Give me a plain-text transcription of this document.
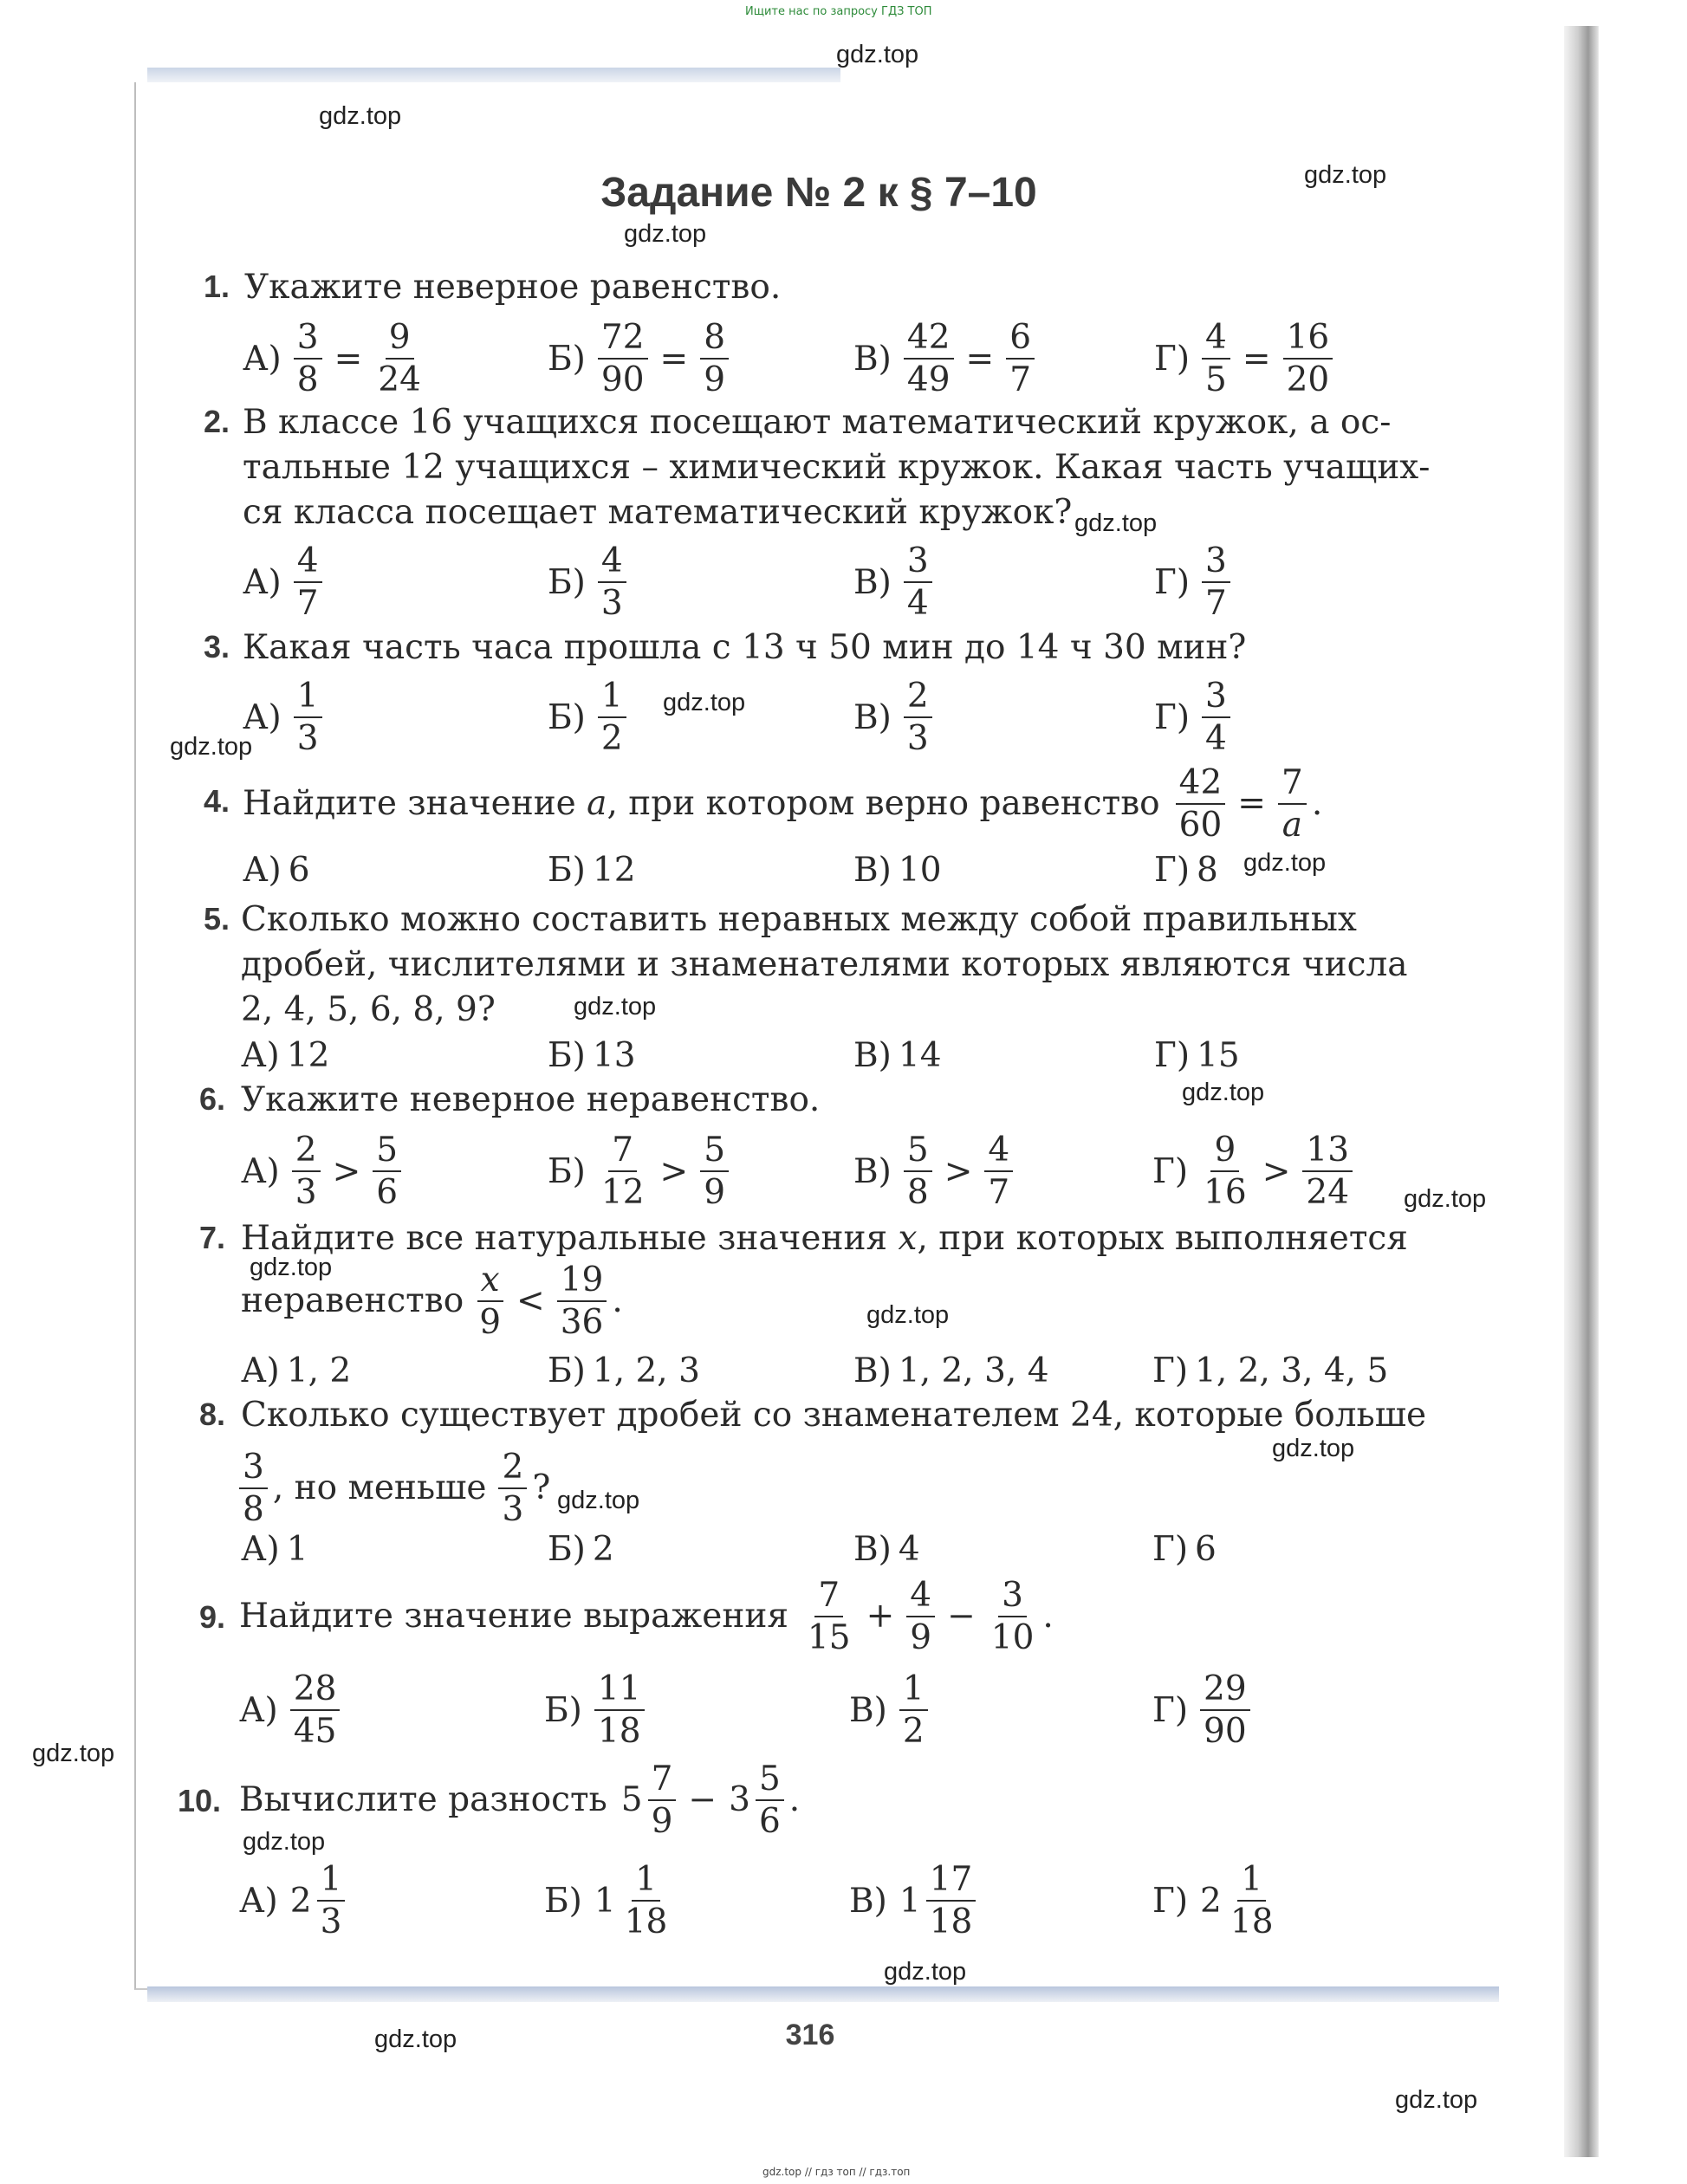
Ищите нас по запросу ГДЗ ТОП
gdz.top
gdz.top
gdz.top
gdz.top
gdz.top
gdz.top
gdz.top
gdz.top
gdz.top
gdz.top
gdz.top
gdz.top
gdz.top
gdz.top
gdz.top
gdz.top
gdz.top
gdz.top
gdz.top
gdz.top
Задание № 2 к § 7–10
1. Укажите неверное равенство.
$А) \frac{3}{8} = \frac{9}{24}$	$Б) \frac{72}{90} = \frac{8}{9}$	$В) \frac{42}{49} = \frac{6}{7}$	$Г) \frac{4}{5} = \frac{16}{20}$
2. В классе 16 учащихся посещают математический кружок, а ос-
тальные 12 учащихся – химический кружок. Какая часть учащих-
ся класса посещает математический кружок?
$А) \frac{4}{7}$	$Б) \frac{4}{3}$	$В) \frac{3}{4}$	$Г) \frac{3}{7}$
3. Какая часть часа прошла с 13 ч 50 мин до 14 ч 30 мин?
$А) \frac{1}{3}$	$Б) \frac{1}{2}$	$В) \frac{2}{3}$	$Г) \frac{3}{4}$
4. Найдите значение
a , при котором верно равенство $\frac{42}{60} = \frac{7}{a}$ .
А) 6	Б) 12	В) 10	Г) 8
5. Сколько можно составить неравных между собой правильных
дробей, числителями и знаменателями которых являются числа
2, 4, 5, 6, 8, 9?
А) 12	Б) 13	В) 14	Г) 15
6. Укажите неверное неравенство.
$А) \frac{2}{3} > \frac{5}{6}$	$Б) \frac{7}{12} > \frac{5}{9}$	$В) \frac{5}{8} > \frac{4}{7}$	$Г) \frac{9}{16} > \frac{13}{24}$
7. Найдите все натуральные значения x, при которых выполняется
неравенство $\frac{x}{9} < \frac{19}{36}$ .
А) 1, 2	Б) 1, 2, 3	В) 1, 2, 3, 4	Г) 1, 2, 3, 4, 5
8. Сколько существует дробей со знаменателем 24, которые больше
$\frac{3}{8}$ , но меньше $\frac{2}{3}$ ?
А) 1	Б) 2	В) 4	Г) 6
9. Найдите значение выражения $\frac{7}{15} + \frac{4}{9} - \frac{3}{10}$ .
$А) \frac{28}{45}$	$Б) \frac{11}{18}$	$В) \frac{1}{2}$	$Г) \frac{29}{90}$
10. Вычислите разность $5 \frac{7}{9} - 3 \frac{5}{6}$ .
А) $2 \frac{1}{3}$	Б) $1 \frac{1}{18}$	В) $1 \frac{17}{18}$	Г) $2 \frac{1}{18}$
316
gdz.top // гдз топ // гдз.топ
